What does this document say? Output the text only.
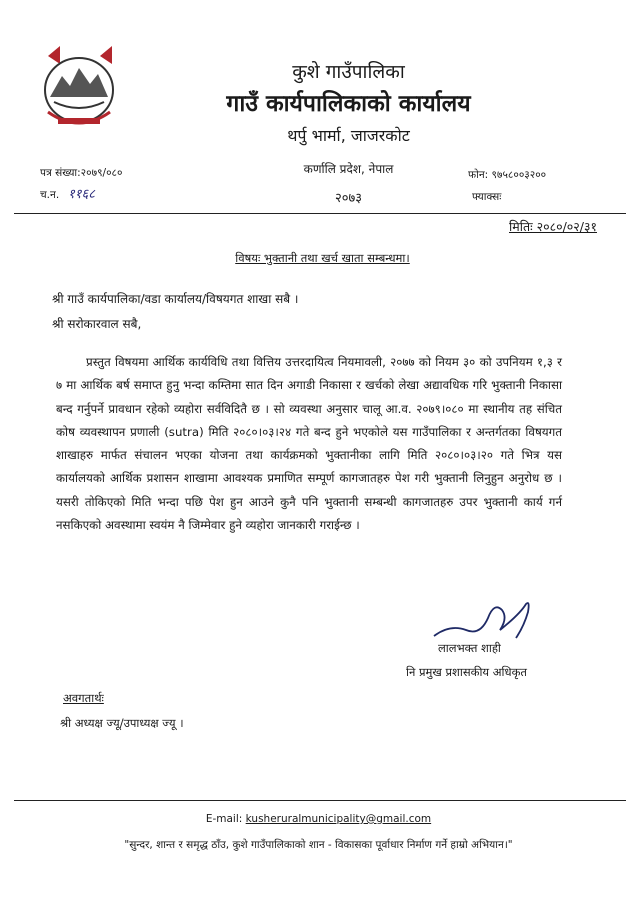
कुशे गाउँपालिका
गाउँ कार्यपालिकाको कार्यालय
थर्पु भार्मा, जाजरकोट
कर्णालि प्रदेश, नेपाल
२०७३
पत्र संख्या:२०७९/०८०
च.न. ११६८
फोन: ९७५८००३२००
फ्याक्सः
मितिः २०८०/०२/३१
विषयः भुक्तानी तथा खर्च खाता सम्बन्धमा।
श्री गाउँ कार्यपालिका/वडा कार्यालय/विषयगत शाखा सबै ।
श्री सरोकारवाल सबै,
प्रस्तुत विषयमा आर्थिक कार्यविधि तथा वित्तिय उत्तरदायित्व नियमावली, २०७७ को नियम ३० को उपनियम १,३ र ७ मा आर्थिक बर्ष समाप्त हुनु भन्दा कम्तिमा सात दिन अगाडी निकासा र खर्चको लेखा अद्यावधिक गरि भुक्तानी निकासा बन्द गर्नुपर्ने प्रावधान रहेको व्यहोरा सर्वविदितै छ । सो व्यवस्था अनुसार चालू आ.व. २०७९।०८० मा स्थानीय तह संचित कोष व्यवस्थापन प्रणाली (sutra) मिति २०८०।०३।२४ गते बन्द हुने भएकोले यस गाउँपालिका र अन्तर्गतका विषयगत शाखाहरु मार्फत संचालन भएका योजना तथा कार्यक्रमको भुक्तानीका लागि मिति २०८०।०३।२० गते भित्र यस कार्यालयको आर्थिक प्रशासन शाखामा आवश्यक प्रमाणित सम्पूर्ण कागजातहरु पेश गरी भुक्तानी लिनुहुन अनुरोध छ ।यसरी तोकिएको मिति भन्दा पछि पेश हुन आउने कुनै पनि भुक्तानी सम्बन्धी कागजातहरु उपर भुक्तानी कार्य गर्न नसकिएको अवस्थामा स्वयंम नै जिम्मेवार हुने व्यहोरा जानकारी गराईन्छ ।
लालभक्त शाही
नि प्रमुख प्रशासकीय अधिकृत
अवगतार्थः
श्री अध्यक्ष ज्यू/उपाध्यक्ष ज्यू ।
E-mail: kusheruralmunicipality@gmail.com
"सुन्दर, शान्त र समृद्ध ठाँउ, कुशे गाउँपालिकाको शान - विकासका पूर्वाधार निर्माण गर्ने हाम्रो अभियान।"
